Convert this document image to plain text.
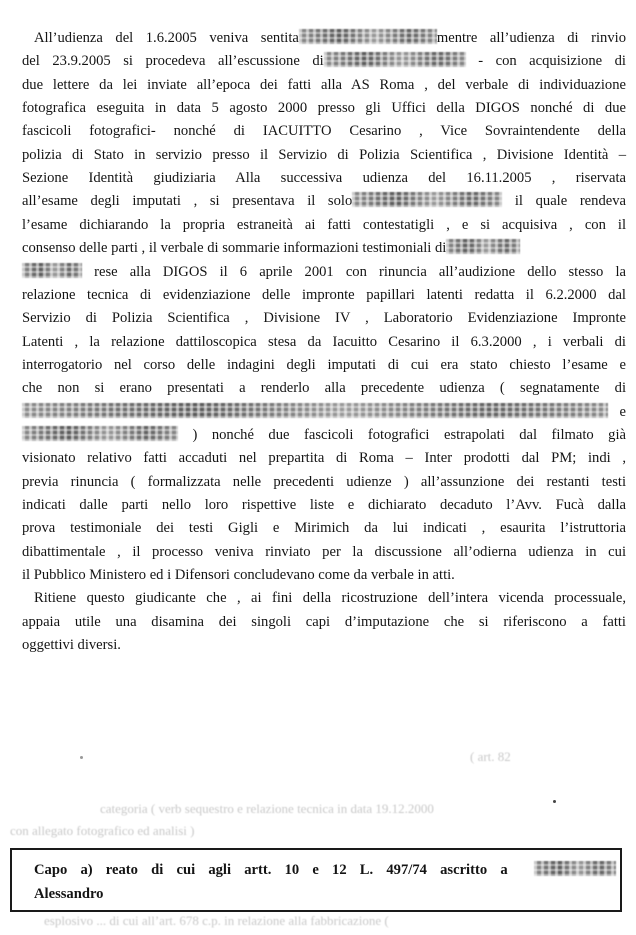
All’udienza del 1.6.2005 veniva sentita	mentre all’udienza di rinvio
del 23.9.2005 si procedeva all’escussione di	- con acquisizione di
due lettere da lei inviate all’epoca dei fatti alla AS Roma , del verbale di individuazione
fotografica eseguita in data 5 agosto 2000 presso gli Uffici della DIGOS nonché di due
fascicoli fotografici- nonché di IACUITTO Cesarino , Vice Sovraintendente della
polizia di Stato in servizio presso il Servizio di Polizia Scientifica , Divisione Identità –
Sezione Identità giudiziaria Alla successiva udienza del 16.11.2005 , riservata
all’esame degli imputati , si presentava il solo	il quale rendeva
l’esame dichiarando la propria estraneità ai fatti contestatigli , e si acquisiva , con il
consenso delle parti , il verbale di sommarie informazioni testimoniali di
rese alla DIGOS il 6 aprile 2001 con rinuncia all’audizione dello stesso la
relazione tecnica di evidenziazione delle impronte papillari latenti redatta il 6.2.2000 dal
Servizio di Polizia Scientifica , Divisione IV , Laboratorio Evidenziazione Impronte
Latenti , la relazione dattiloscopica stesa da Iacuitto Cesarino il 6.3.2000 , i verbali di
interrogatorio nel corso delle indagini degli imputati di cui era stato chiesto l’esame e
che non si erano presentati a renderlo alla precedente udienza ( segnatamente di
e
) nonché due fascicoli fotografici estrapolati dal filmato già
visionato relativo fatti accaduti nel prepartita di Roma – Inter prodotti dal PM; indi ,
previa rinuncia ( formalizzata nelle precedenti udienze ) all’assunzione dei restanti testi
indicati dalle parti nello loro rispettive liste e dichiarato decaduto l’Avv. Fucà dalla
prova testimoniale dei testi Gigli e Mirimich da lui indicati , esaurita l’istruttoria
dibattimentale , il processo veniva rinviato per la discussione all’odierna udienza in cui
il Pubblico Ministero ed i Difensori concludevano come da verbale in atti.
Ritiene questo giudicante che , ai fini della ricostruzione dell’intera vicenda processuale,
appaia utile una disamina dei singoli capi d’imputazione che si riferiscono a fatti
oggettivi diversi.
( art. 82
categoria ( verb sequestro e relazione tecnica in data 19.12.2000
con allegato fotografico ed analisi )
esplosivo ... di cui all’art. 678 c.p. in relazione alla fabbricazione (
Capo a) reato di cui agli artt. 10 e 12 L. 497/74 ascritto a
Alessandro
